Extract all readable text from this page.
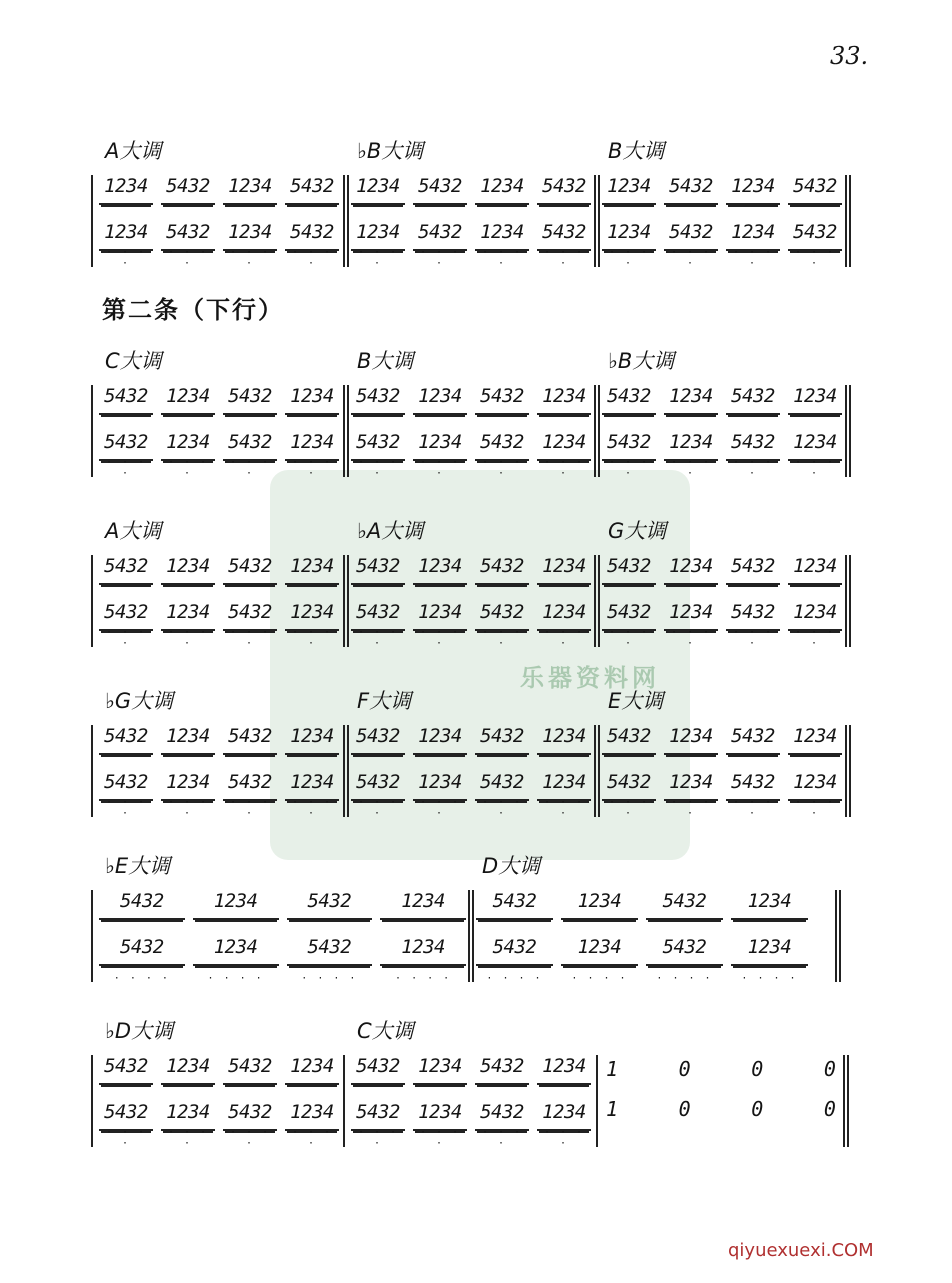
乐器资料网
33.
第二条（下行）
A大调
1234 5432 1234 5432
1234 · · · · 5432 · · · · 1234 · · · · 5432 · · · ·
♭B大调
1234 5432 1234 5432
1234 · · · · 5432 · · · · 1234 · · · · 5432 · · · ·
B大调
1234 5432 1234 5432
1234 · · · · 5432 · · · · 1234 · · · · 5432 · · · ·
C大调
5432 1234 5432 1234
5432 · · · · 1234 · · · · 5432 · · · · 1234 · · · ·
B大调
5432 1234 5432 1234
5432 · · · · 1234 · · · · 5432 · · · · 1234 · · · ·
♭B大调
5432 1234 5432 1234
5432 · · · · 1234 · · · · 5432 · · · · 1234 · · · ·
A大调
5432 1234 5432 1234
5432 · · · · 1234 · · · · 5432 · · · · 1234 · · · ·
♭A大调
5432 1234 5432 1234
5432 · · · · 1234 · · · · 5432 · · · · 1234 · · · ·
G大调
5432 1234 5432 1234
5432 · · · · 1234 · · · · 5432 · · · · 1234 · · · ·
♭G大调
5432 1234 5432 1234
5432 · · · · 1234 · · · · 5432 · · · · 1234 · · · ·
F大调
5432 1234 5432 1234
5432 · · · · 1234 · · · · 5432 · · · · 1234 · · · ·
E大调
5432 1234 5432 1234
5432 · · · · 1234 · · · · 5432 · · · · 1234 · · · ·
♭E大调
5432	1234	5432	1234
5432 · · · ·	1234 · · · ·	5432 · · · ·	1234 · · · ·
D大调
5432	1234	5432	1234
5432 · · · ·	1234 · · · ·	5432 · · · ·	1234 · · · ·
♭D大调
5432 1234 5432 1234
5432 · · · · 1234 · · · · 5432 · · · · 1234 · · · ·
C大调
5432 1234 5432 1234
5432 · · · · 1234 · · · · 5432 · · · · 1234 · · · ·
1	0	0	0
1	0	0	0
qiyuexuexi.COM
